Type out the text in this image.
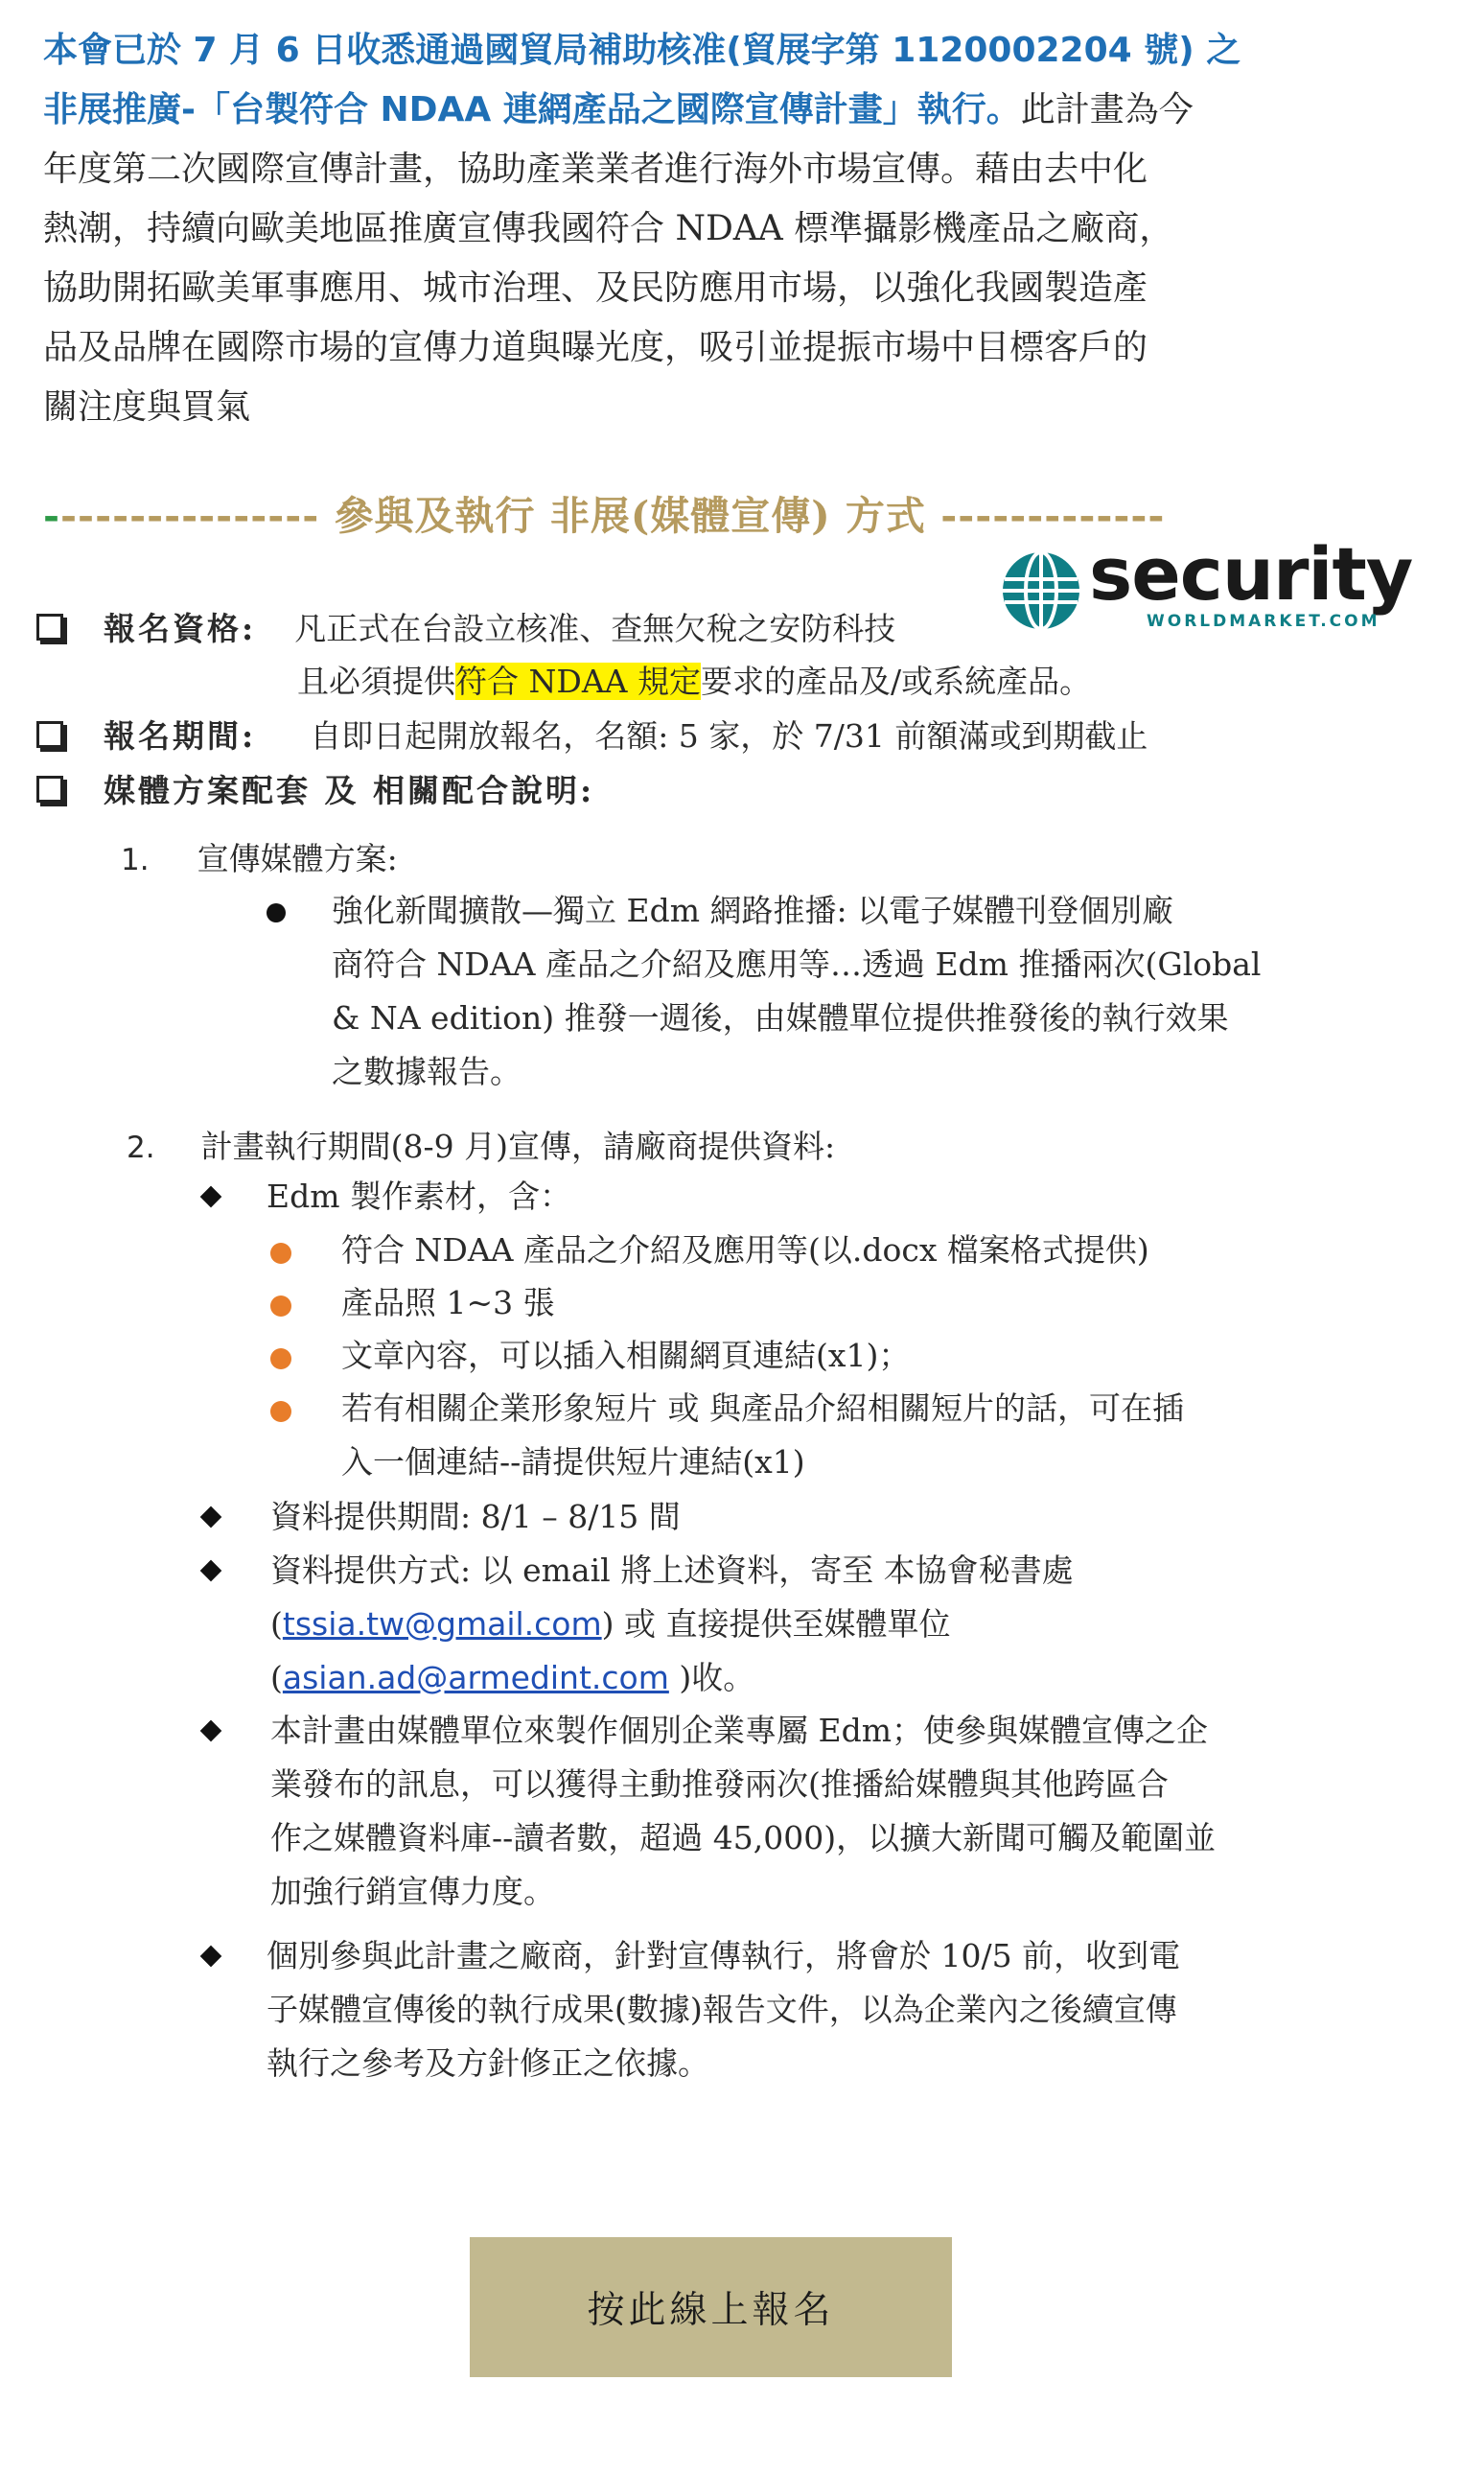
本會已於 7 月 6 日收悉通過國貿局補助核准(貿展字第 1120002204 號) 之
非展推廣-「台製符合 NDAA 連網產品之國際宣傳計畫」執行。此計畫為今
年度第二次國際宣傳計畫，協助產業業者進行海外市場宣傳。藉由去中化
熱潮，持續向歐美地區推廣宣傳我國符合 NDAA 標準攝影機產品之廠商，
協助開拓歐美軍事應用、城市治理、及民防應用市場，以強化我國製造產
品及品牌在國際市場的宣傳力道與曝光度，吸引並提振市場中目標客戶的
關注度與買氣
---------------- 參與及執行 非展(媒體宣傳) 方式 -------------
security
WORLDMARKET.COM
報名資格: 凡正式在台設立核准、查無欠稅之安防科技
且必須提供符合 NDAA 規定要求的產品及/或系統產品。
報名期間: 自即日起開放報名，名額: 5 家，於 7/31 前額滿或到期截止
媒體方案配套 及 相關配合說明:
1. 宣傳媒體方案:
強化新聞擴散—獨立 Edm 網路推播: 以電子媒體刊登個別廠
商符合 NDAA 產品之介紹及應用等…透過 Edm 推播兩次(Global
& NA edition) 推發一週後，由媒體單位提供推發後的執行效果
之數據報告。
2. 計畫執行期間(8-9 月)宣傳，請廠商提供資料:
Edm 製作素材，含：
符合 NDAA 產品之介紹及應用等(以.docx 檔案格式提供)
產品照 1~3 張
文章內容，可以插入相關網頁連結(x1)；
若有相關企業形象短片 或 與產品介紹相關短片的話，可在插
入一個連結--請提供短片連結(x1)
資料提供期間: 8/1 – 8/15 間
資料提供方式: 以 email 將上述資料，寄至 本協會秘書處
(tssia.tw@gmail.com) 或 直接提供至媒體單位
(asian.ad@armedint.com )收。
本計畫由媒體單位來製作個別企業專屬 Edm；使參與媒體宣傳之企
業發布的訊息，可以獲得主動推發兩次(推播給媒體與其他跨區合
作之媒體資料庫--讀者數，超過 45,000)，以擴大新聞可觸及範圍並
加強行銷宣傳力度。
個別參與此計畫之廠商，針對宣傳執行，將會於 10/5 前，收到電
子媒體宣傳後的執行成果(數據)報告文件，以為企業內之後續宣傳
執行之參考及方針修正之依據。
按此線上報名
